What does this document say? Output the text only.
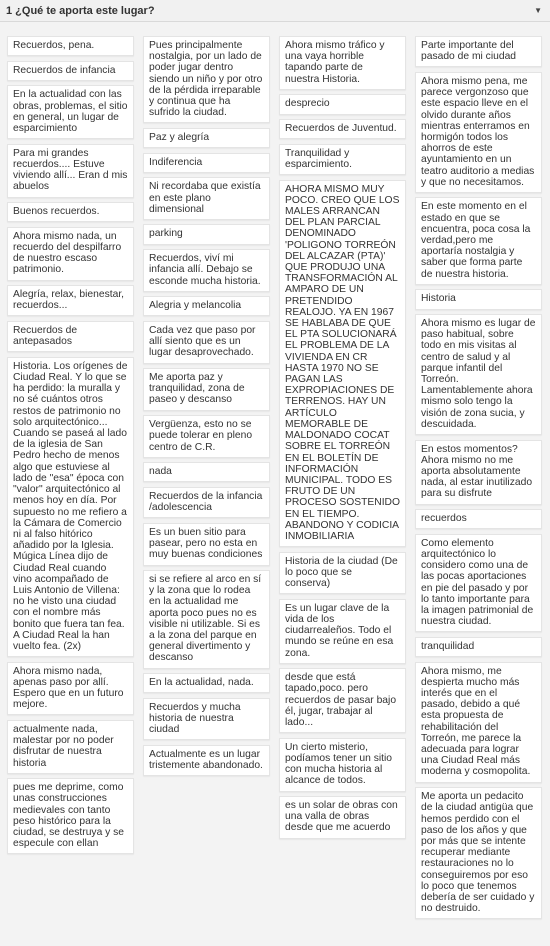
1 ¿Qué te aporta este lugar?	▼
Recuerdos, pena.
Recuerdos de infancia
En la actualidad con las obras, problemas, el sitio en general, un lugar de esparcimiento
Para mi grandes recuerdos.... Estuve viviendo allí... Eran d mis abuelos
Buenos recuerdos.
Ahora mismo nada, un recuerdo del despilfarro de nuestro escaso patrimonio.
Alegría, relax, bienestar, recuerdos...
Recuerdos de antepasados
Historia. Los orígenes de Ciudad Real. Y lo que se ha perdido: la muralla y no sé cuántos otros restos de patrimonio no solo arquitectónico... Cuando se paseá al lado de la iglesia de San Pedro hecho de menos algo que estuviese al lado de "esa" época con "valor" arquitectónico al menos hoy en día. Por supuesto no me refiero a la Cámara de Comercio ni al falso hitórico añadido por la Iglesia. Múgica Línea dijo de Ciudad Real cuando vino acompañado de Luis Antonio de Villena: no he visto una ciudad con el nombre más bonito que fuera tan fea. A Ciudad Real la han vuelto fea. (2x)
Ahora mismo nada, apenas paso por allí. Espero que en un futuro mejore.
actualmente nada, malestar por no poder disfrutar de nuestra historia
pues me deprime, como unas construcciones medievales con tanto peso histórico para la ciudad, se destruya y se especule con ellan
Pues principalmente nostalgia, por un lado de poder jugar dentro siendo un niño y por otro de la pérdida irreparable y continua que ha sufrido la ciudad.
Paz y alegría
Indiferencia
Ni recordaba que existía en este plano dimensional
parking
Recuerdos, viví mi infancia allí. Debajo se esconde mucha historia.
Alegria y melancolia
Cada vez que paso por allí siento que es un lugar desaprovechado.
Me aporta paz y tranquilidad, zona de paseo y descanso
Vergüenza, esto no se puede tolerar en pleno centro de C.R.
nada
Recuerdos de la infancia /adolescencia
Es un buen sitio para pasear, pero no esta en muy buenas condiciones
si se refiere al arco en sí y la zona que lo rodea en la actualidad me aporta poco pues no es visible ni utilizable. Si es a la zona del parque en general divertimento y descanso
En la actualidad, nada.
Recuerdos y mucha historia de nuestra ciudad
Actualmente es un lugar tristemente abandonado.
Ahora mismo tráfico y una vaya horrible tapando parte de nuestra Historia.
desprecio
Recuerdos de Juventud.
Tranquilidad y esparcimiento.
AHORA MISMO MUY POCO. CREO QUE LOS MALES ARRANCAN DEL PLAN PARCIAL DENOMINADO 'POLIGONO TORREÓN DEL ALCAZAR (PTA)' QUE PRODUJO UNA TRANSFORMACIÓN AL AMPARO DE UN PRETENDIDO REALOJO. YA EN 1967 SE HABLABA DE QUE EL PTA SOLUCIONARÁ EL PROBLEMA DE LA VIVIENDA EN CR HASTA 1970 NO SE PAGAN LAS EXPROPIACIONES DE TERRENOS. HAY UN ARTÍCULO MEMORABLE DE MALDONADO COCAT SOBRE EL TORREÓN EN EL BOLETÍN DE INFORMACIÓN MUNICIPAL. TODO ES FRUTO DE UN PROCESO SOSTENIDO EN EL TIEMPO. ABANDONO Y CODICIA INMOBILIARIA
Historia de la ciudad (De lo poco que se conserva)
Es un lugar clave de la vida de los ciudarrealeños. Todo el mundo se reúne en esa zona.
desde que está tapado,poco. pero recuerdos de pasar bajo él, jugar, trabajar al lado...
Un cierto misterio, podíamos tener un sitio con mucha historia al alcance de todos.
es un solar de obras con una valla de obras desde que me acuerdo
Parte importante del pasado de mi ciudad
Ahora mismo pena, me parece vergonzoso que este espacio lleve en el olvido durante años mientras enterramos en hormigón todos los ahorros de este ayuntamiento en un teatro auditorio a medias y que no necesitamos.
En este momento en el estado en que se encuentra, poca cosa la verdad,pero me aportaría nostalgia y saber que forma parte de nuestra historia.
Historia
Ahora mismo es lugar de paso habitual, sobre todo en mis visitas al centro de salud y al parque infantil del Torreón. Lamentablemente ahora mismo solo tengo la visión de zona sucia, y descuidada.
En estos momentos? Ahora mismo no me aporta absolutamente nada, al estar inutilizado para su disfrute
recuerdos
Como elemento arquitectónico lo considero como una de las pocas aportaciones en pie del pasado y por lo tanto importante para la imagen patrimonial de nuestra ciudad.
tranquilidad
Ahora mismo, me despierta mucho más interés que en el pasado, debido a qué esta propuesta de rehabilitación del Torreón, me parece la adecuada para lograr una Ciudad Real más moderna y cosmopolita.
Me aporta un pedacito de la ciudad antigüa que hemos perdido con el paso de los años y que por más que se intente recuperar mediante restauraciones no lo conseguiremos por eso lo poco que tenemos debería de ser cuidado y no destruido.
